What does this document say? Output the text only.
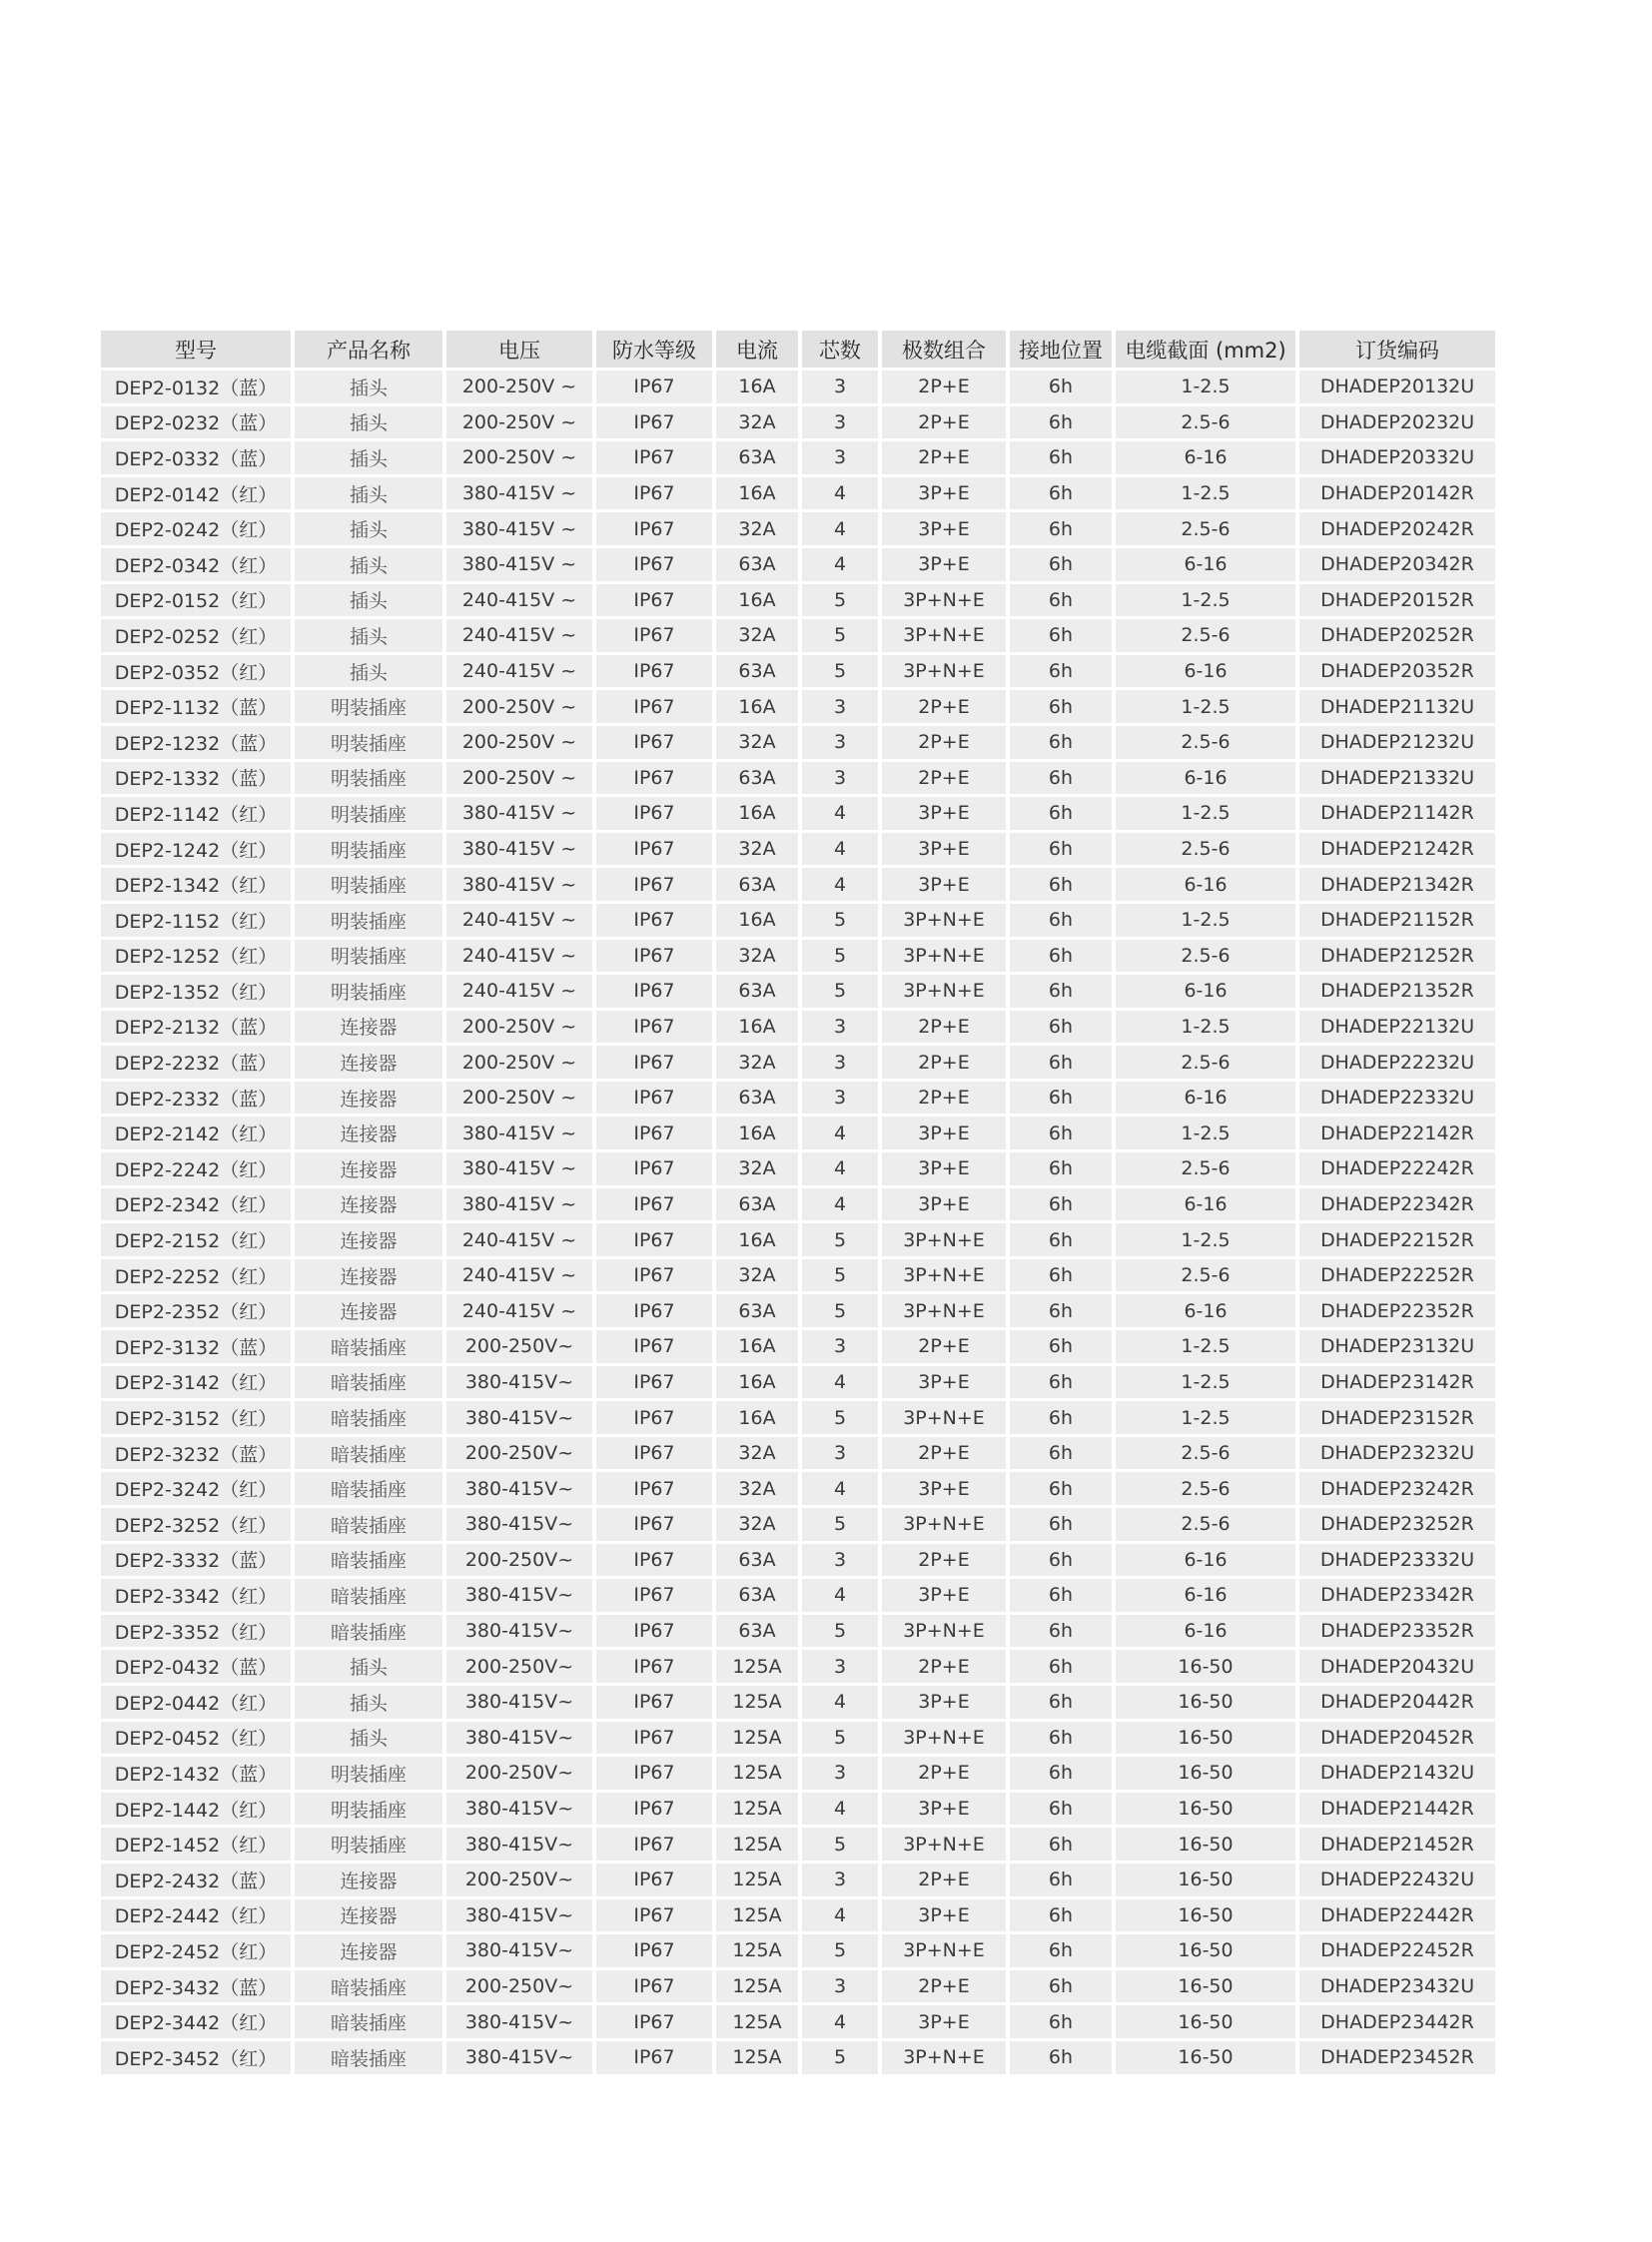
型号	产品名称	电压	防水等级	电流	芯数	极数组合	接地位置	电缆截面 (mm2)	订货编码
DEP2-0132（蓝）	插头	200-250V ~	IP67	16A	3	2P+E	6h	1-2.5	DHADEP20132U
DEP2-0232（蓝）	插头	200-250V ~	IP67	32A	3	2P+E	6h	2.5-6	DHADEP20232U
DEP2-0332（蓝）	插头	200-250V ~	IP67	63A	3	2P+E	6h	6-16	DHADEP20332U
DEP2-0142（红）	插头	380-415V ~	IP67	16A	4	3P+E	6h	1-2.5	DHADEP20142R
DEP2-0242（红）	插头	380-415V ~	IP67	32A	4	3P+E	6h	2.5-6	DHADEP20242R
DEP2-0342（红）	插头	380-415V ~	IP67	63A	4	3P+E	6h	6-16	DHADEP20342R
DEP2-0152（红）	插头	240-415V ~	IP67	16A	5	3P+N+E	6h	1-2.5	DHADEP20152R
DEP2-0252（红）	插头	240-415V ~	IP67	32A	5	3P+N+E	6h	2.5-6	DHADEP20252R
DEP2-0352（红）	插头	240-415V ~	IP67	63A	5	3P+N+E	6h	6-16	DHADEP20352R
DEP2-1132（蓝）	明装插座	200-250V ~	IP67	16A	3	2P+E	6h	1-2.5	DHADEP21132U
DEP2-1232（蓝）	明装插座	200-250V ~	IP67	32A	3	2P+E	6h	2.5-6	DHADEP21232U
DEP2-1332（蓝）	明装插座	200-250V ~	IP67	63A	3	2P+E	6h	6-16	DHADEP21332U
DEP2-1142（红）	明装插座	380-415V ~	IP67	16A	4	3P+E	6h	1-2.5	DHADEP21142R
DEP2-1242（红）	明装插座	380-415V ~	IP67	32A	4	3P+E	6h	2.5-6	DHADEP21242R
DEP2-1342（红）	明装插座	380-415V ~	IP67	63A	4	3P+E	6h	6-16	DHADEP21342R
DEP2-1152（红）	明装插座	240-415V ~	IP67	16A	5	3P+N+E	6h	1-2.5	DHADEP21152R
DEP2-1252（红）	明装插座	240-415V ~	IP67	32A	5	3P+N+E	6h	2.5-6	DHADEP21252R
DEP2-1352（红）	明装插座	240-415V ~	IP67	63A	5	3P+N+E	6h	6-16	DHADEP21352R
DEP2-2132（蓝）	连接器	200-250V ~	IP67	16A	3	2P+E	6h	1-2.5	DHADEP22132U
DEP2-2232（蓝）	连接器	200-250V ~	IP67	32A	3	2P+E	6h	2.5-6	DHADEP22232U
DEP2-2332（蓝）	连接器	200-250V ~	IP67	63A	3	2P+E	6h	6-16	DHADEP22332U
DEP2-2142（红）	连接器	380-415V ~	IP67	16A	4	3P+E	6h	1-2.5	DHADEP22142R
DEP2-2242（红）	连接器	380-415V ~	IP67	32A	4	3P+E	6h	2.5-6	DHADEP22242R
DEP2-2342（红）	连接器	380-415V ~	IP67	63A	4	3P+E	6h	6-16	DHADEP22342R
DEP2-2152（红）	连接器	240-415V ~	IP67	16A	5	3P+N+E	6h	1-2.5	DHADEP22152R
DEP2-2252（红）	连接器	240-415V ~	IP67	32A	5	3P+N+E	6h	2.5-6	DHADEP22252R
DEP2-2352（红）	连接器	240-415V ~	IP67	63A	5	3P+N+E	6h	6-16	DHADEP22352R
DEP2-3132（蓝）	暗装插座	200-250V~	IP67	16A	3	2P+E	6h	1-2.5	DHADEP23132U
DEP2-3142（红）	暗装插座	380-415V~	IP67	16A	4	3P+E	6h	1-2.5	DHADEP23142R
DEP2-3152（红）	暗装插座	380-415V~	IP67	16A	5	3P+N+E	6h	1-2.5	DHADEP23152R
DEP2-3232（蓝）	暗装插座	200-250V~	IP67	32A	3	2P+E	6h	2.5-6	DHADEP23232U
DEP2-3242（红）	暗装插座	380-415V~	IP67	32A	4	3P+E	6h	2.5-6	DHADEP23242R
DEP2-3252（红）	暗装插座	380-415V~	IP67	32A	5	3P+N+E	6h	2.5-6	DHADEP23252R
DEP2-3332（蓝）	暗装插座	200-250V~	IP67	63A	3	2P+E	6h	6-16	DHADEP23332U
DEP2-3342（红）	暗装插座	380-415V~	IP67	63A	4	3P+E	6h	6-16	DHADEP23342R
DEP2-3352（红）	暗装插座	380-415V~	IP67	63A	5	3P+N+E	6h	6-16	DHADEP23352R
DEP2-0432（蓝）	插头	200-250V~	IP67	125A	3	2P+E	6h	16-50	DHADEP20432U
DEP2-0442（红）	插头	380-415V~	IP67	125A	4	3P+E	6h	16-50	DHADEP20442R
DEP2-0452（红）	插头	380-415V~	IP67	125A	5	3P+N+E	6h	16-50	DHADEP20452R
DEP2-1432（蓝）	明装插座	200-250V~	IP67	125A	3	2P+E	6h	16-50	DHADEP21432U
DEP2-1442（红）	明装插座	380-415V~	IP67	125A	4	3P+E	6h	16-50	DHADEP21442R
DEP2-1452（红）	明装插座	380-415V~	IP67	125A	5	3P+N+E	6h	16-50	DHADEP21452R
DEP2-2432（蓝）	连接器	200-250V~	IP67	125A	3	2P+E	6h	16-50	DHADEP22432U
DEP2-2442（红）	连接器	380-415V~	IP67	125A	4	3P+E	6h	16-50	DHADEP22442R
DEP2-2452（红）	连接器	380-415V~	IP67	125A	5	3P+N+E	6h	16-50	DHADEP22452R
DEP2-3432（蓝）	暗装插座	200-250V~	IP67	125A	3	2P+E	6h	16-50	DHADEP23432U
DEP2-3442（红）	暗装插座	380-415V~	IP67	125A	4	3P+E	6h	16-50	DHADEP23442R
DEP2-3452（红）	暗装插座	380-415V~	IP67	125A	5	3P+N+E	6h	16-50	DHADEP23452R
